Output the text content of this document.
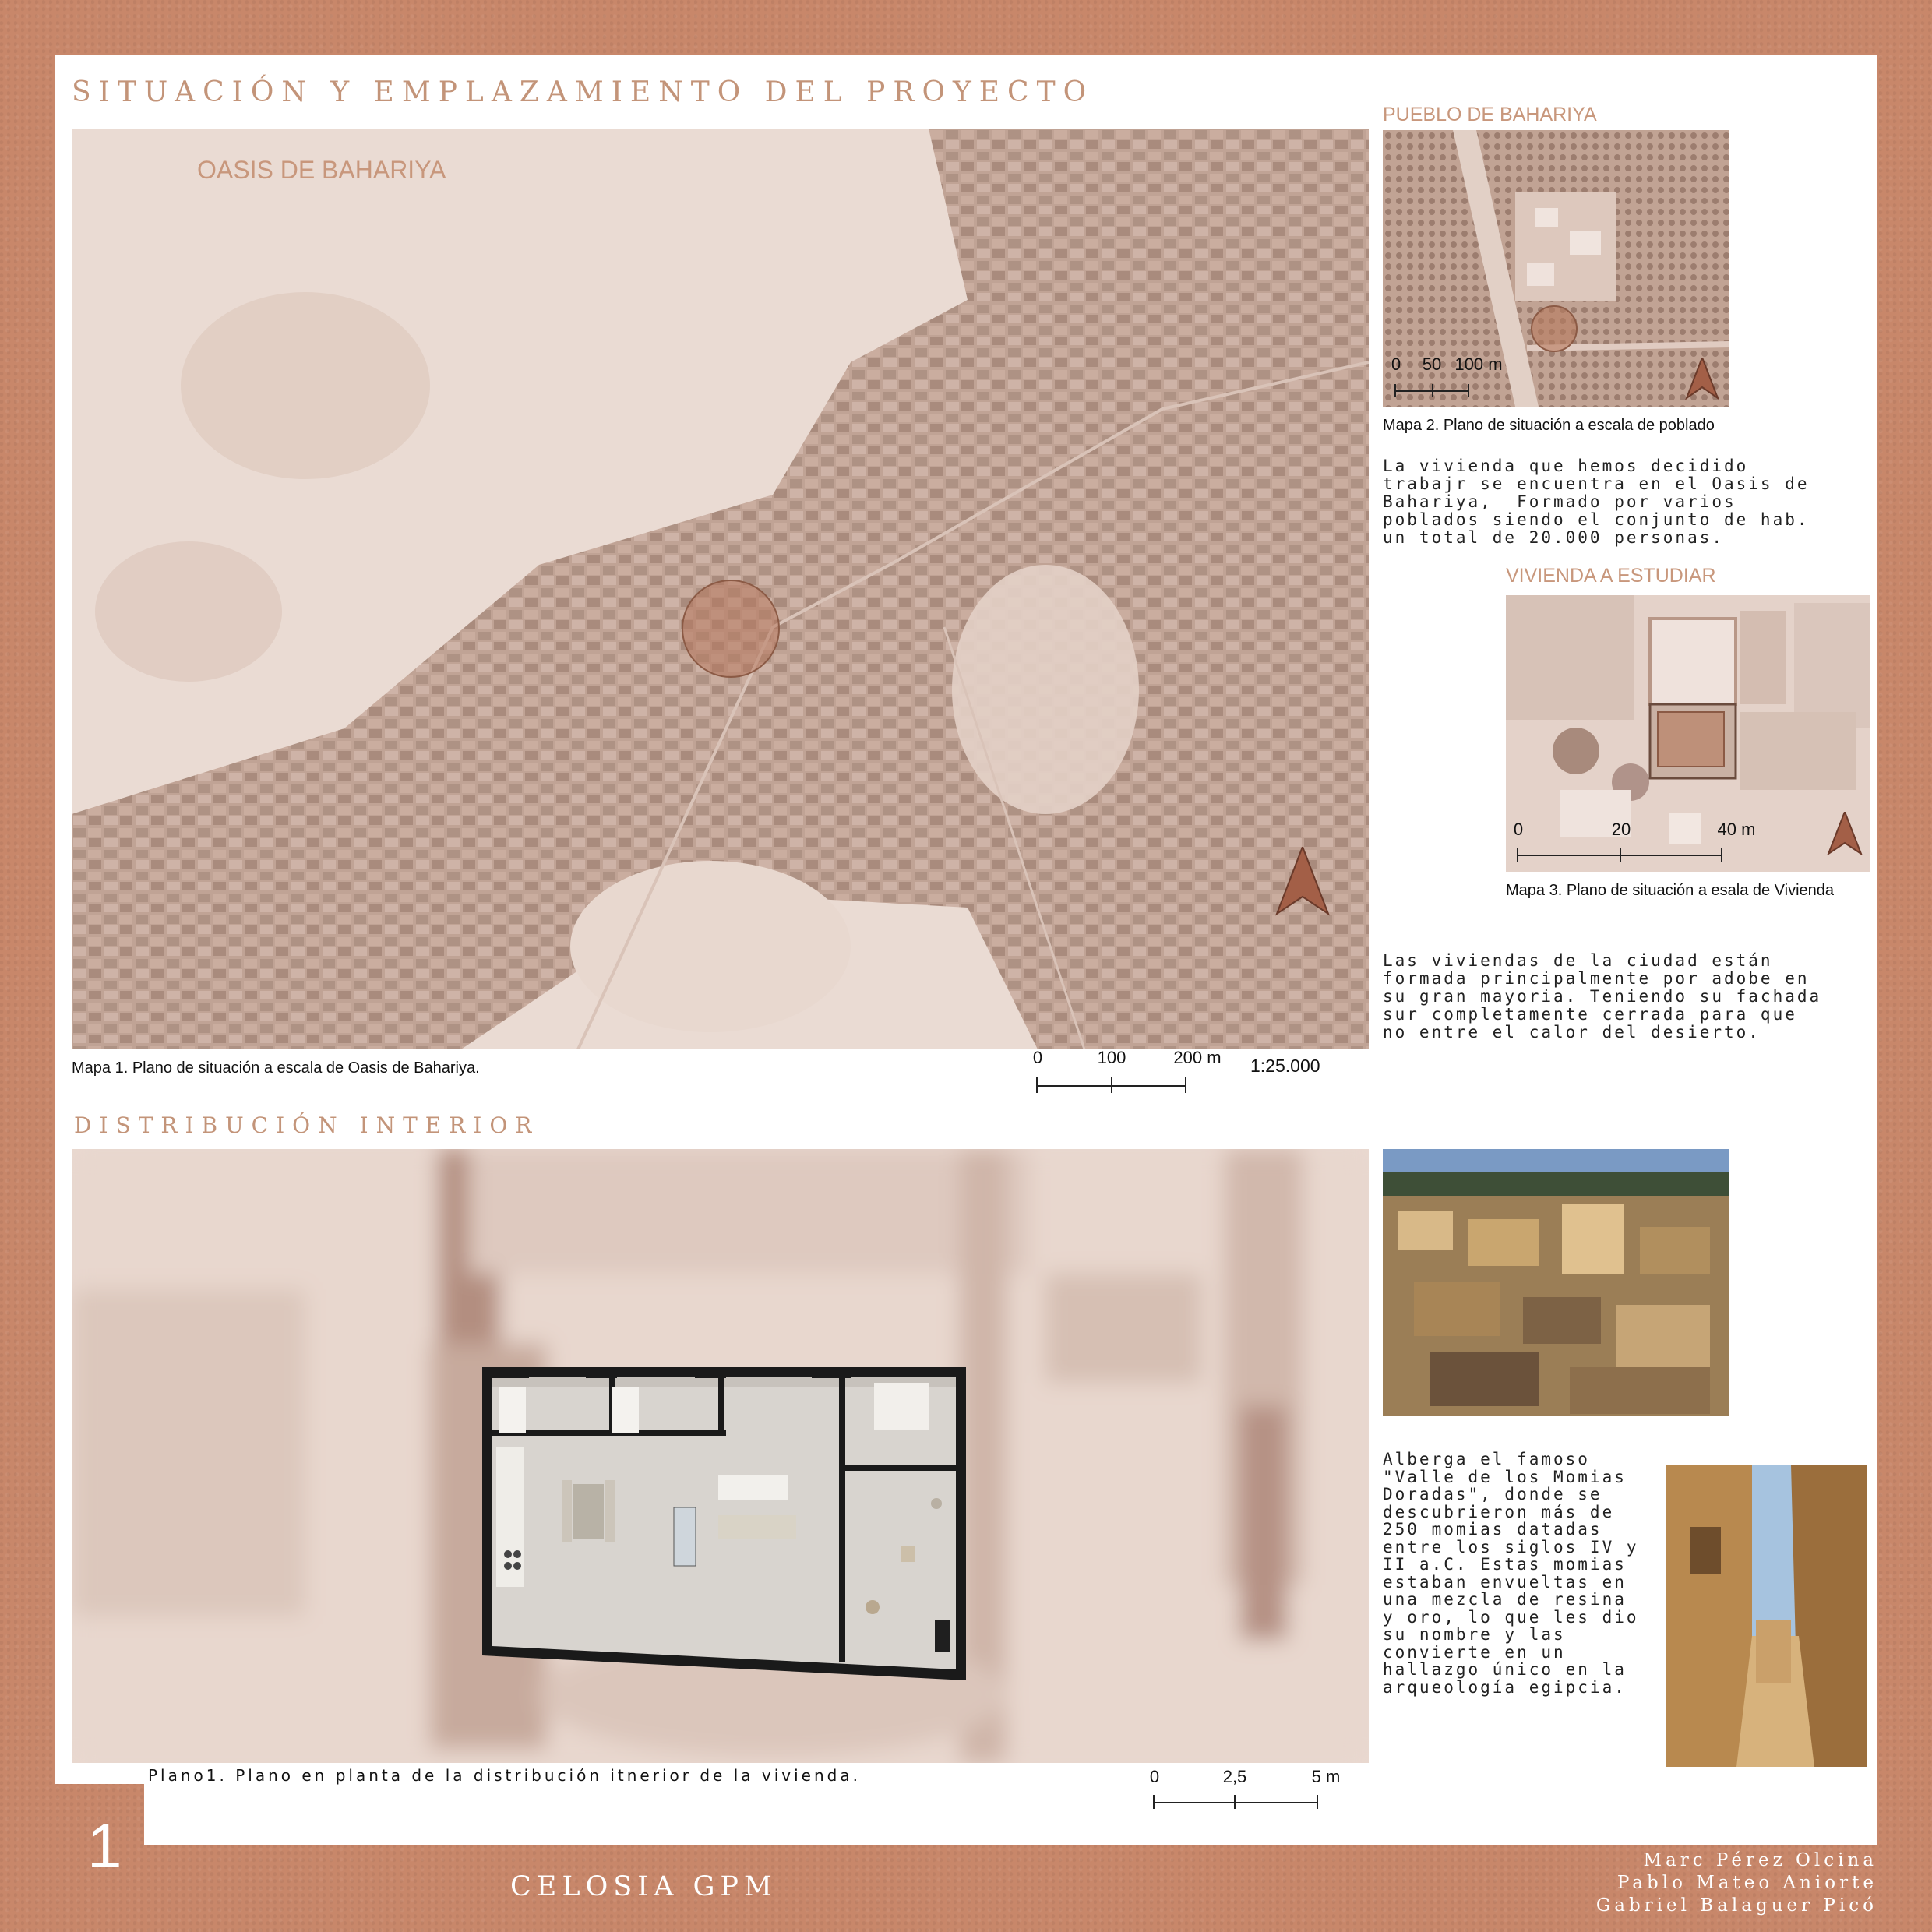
SITUACIÓN Y EMPLAZAMIENTO DEL PROYECTO
OASIS DE BAHARIYA
Mapa 1. Plano de situación a escala de Oasis de Bahariya.
0	100	200 m 1:25.000
PUEBLO DE BAHARIYA
0 50 100 m
Mapa 2. Plano de situación a escala de poblado
La vivienda que hemos decidido
trabajr se encuentra en el Oasis de
Bahariya,  Formado por varios
poblados siendo el conjunto de hab.
un total de 20.000 personas.
VIVIENDA A ESTUDIAR
0	20	40 m
Mapa 3. Plano de situación a esala de Vivienda
Las viviendas de la ciudad están
formada principalmente por adobe en
su gran mayoria. Teniendo su fachada
sur completamente cerrada para que
no entre el calor del desierto.
DISTRIBUCIÓN INTERIOR
Plano1. Plano en planta de la distribución itnerior de la vivienda.	0	2,5	5 m
Alberga el famoso
"Valle de los Momias
Doradas", donde se
descubrieron más de
250 momias datadas
entre los siglos IV y
II a.C. Estas momias
estaban envueltas en
una mezcla de resina
y oro, lo que les dio
su nombre y las
convierte en un
hallazgo único en la
arqueología egipcia.
1
CELOSIA GPM
Marc Pérez Olcina
Pablo Mateo Aniorte
Gabriel Balaguer Picó
